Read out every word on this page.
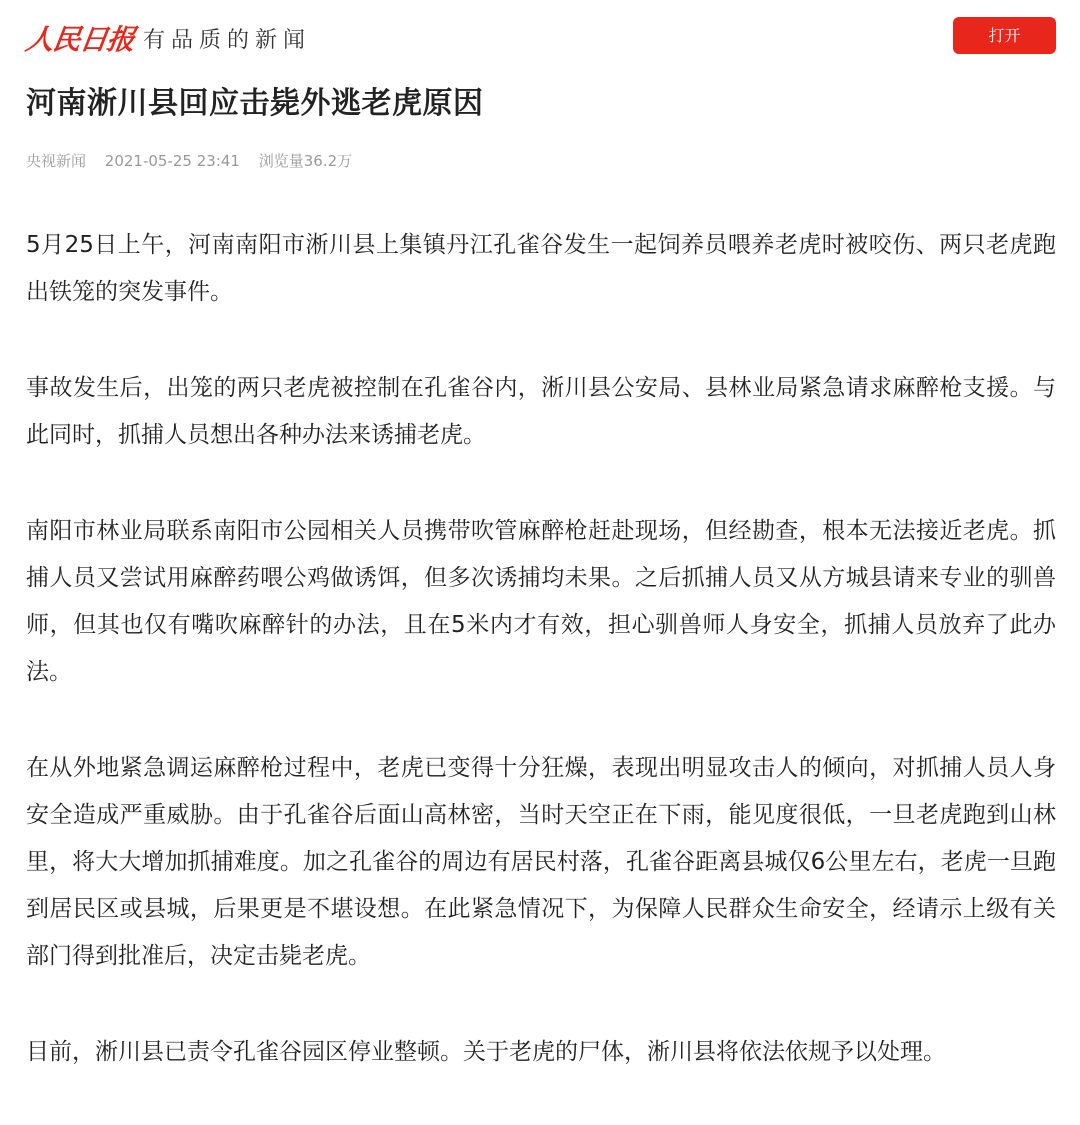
人民日报 有品质的新闻	打开
河南淅川县回应击毙外逃老虎原因
央视新闻 2021-05-25 23:41 浏览量36.2万

5月25日上午，河南南阳市淅川县上集镇丹江孔雀谷发生一起饲养员喂养老虎时被咬伤、两只老虎跑出铁笼的突发事件。

事故发生后，出笼的两只老虎被控制在孔雀谷内，淅川县公安局、县林业局紧急请求麻醉枪支援。与此同时，抓捕人员想出各种办法来诱捕老虎。

南阳市林业局联系南阳市公园相关人员携带吹管麻醉枪赶赴现场，但经勘查，根本无法接近老虎。抓捕人员又尝试用麻醉药喂公鸡做诱饵，但多次诱捕均未果。之后抓捕人员又从方城县请来专业的驯兽师，但其也仅有嘴吹麻醉针的办法，且在5米内才有效，担心驯兽师人身安全，抓捕人员放弃了此办法。

在从外地紧急调运麻醉枪过程中，老虎已变得十分狂燥，表现出明显攻击人的倾向，对抓捕人员人身安全造成严重威胁。由于孔雀谷后面山高林密，当时天空正在下雨，能见度很低，一旦老虎跑到山林里，将大大增加抓捕难度。加之孔雀谷的周边有居民村落，孔雀谷距离县城仅6公里左右，老虎一旦跑到居民区或县城，后果更是不堪设想。在此紧急情况下，为保障人民群众生命安全，经请示上级有关部门得到批准后，决定击毙老虎。

目前，淅川县已责令孔雀谷园区停业整顿。关于老虎的尸体，淅川县将依法依规予以处理。
